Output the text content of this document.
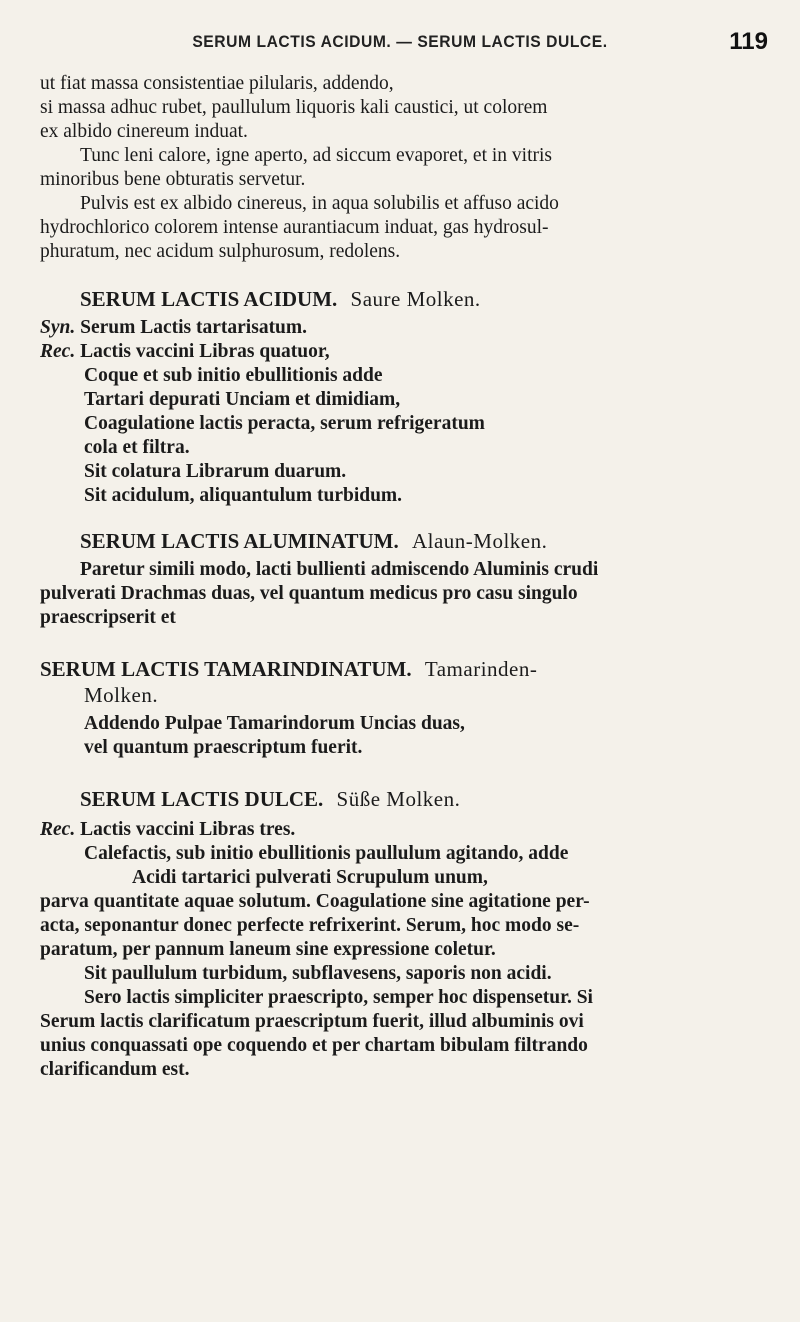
SERUM LACTIS ACIDUM. — SERUM LACTIS DULCE.	119

ut fiat massa consistentiae pilularis, addendo,

si massa adhuc rubet, paullulum liquoris kali caustici, ut colorem

ex albido cinereum induat.

Tunc leni calore, igne aperto, ad siccum evaporet, et in vitris

minoribus bene obturatis servetur.

Pulvis est ex albido cinereus, in aqua solubilis et affuso acido

hydrochlorico colorem intense aurantiacum induat, gas hydrosul-

phuratum, nec acidum sulphurosum, redolens.

SERUM LACTIS ACIDUM. Saure Molken.

Syn. Serum Lactis tartarisatum.

Rec. Lactis vaccini Libras quatuor,

Coque et sub initio ebullitionis adde

Tartari depurati Unciam et dimidiam,

Coagulatione lactis peracta, serum refrigeratum

cola et filtra.

Sit colatura Librarum duarum.

Sit acidulum, aliquantulum turbidum.

SERUM LACTIS ALUMINATUM. Alaun-Molken.

Paretur simili modo, lacti bullienti admiscendo Aluminis crudi

pulverati Drachmas duas, vel quantum medicus pro casu singulo

praescripserit et

SERUM LACTIS TAMARINDINATUM. Tamarinden-

Molken.

Addendo Pulpae Tamarindorum Uncias duas,

vel quantum praescriptum fuerit.

SERUM LACTIS DULCE. Süße Molken.

Rec. Lactis vaccini Libras tres.

Calefactis, sub initio ebullitionis paullulum agitando, adde

Acidi tartarici pulverati Scrupulum unum,

parva quantitate aquae solutum. Coagulatione sine agitatione per-

acta, seponantur donec perfecte refrixerint. Serum, hoc modo se-

paratum, per pannum laneum sine expressione coletur.

Sit paullulum turbidum, subflavesens, saporis non acidi.

Sero lactis simpliciter praescripto, semper hoc dispensetur. Si

Serum lactis clarificatum praescriptum fuerit, illud albuminis ovi

unius conquassati ope coquendo et per chartam bibulam filtrando

clarificandum est.
